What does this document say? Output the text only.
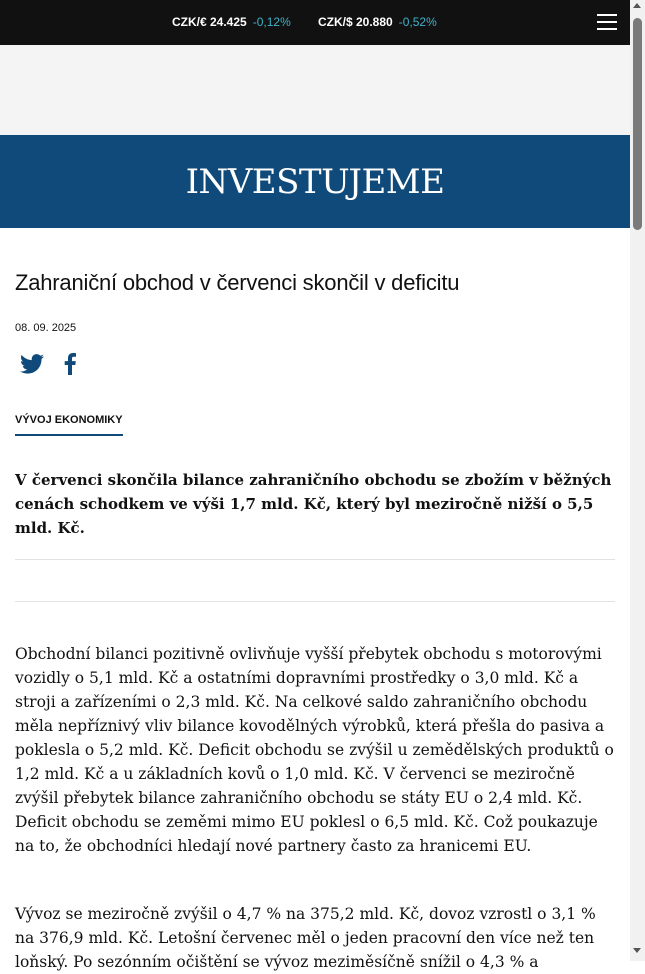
CZK/€ 24.425 -0,12% CZK/$ 20.880 -0,52%
INVESTUJEME
Zahraniční obchod v červenci skončil v deficitu
08. 09. 2025
VÝVOJ EKONOMIKY

V červenci skončila bilance zahraničního obchodu se zbožím v běžných cenách schodkem ve výši 1,7 mld. Kč, který byl meziročně nižší o 5,5 mld. Kč.

Obchodní bilanci pozitivně ovlivňuje vyšší přebytek obchodu s motorovými vozidly o 5,1 mld. Kč a ostatními dopravními prostředky o 3,0 mld. Kč a stroji a zařízeními o 2,3 mld. Kč. Na celkové saldo zahraničního obchodu měla nepříznivý vliv bilance kovodělných výrobků, která přešla do pasiva a poklesla o 5,2 mld. Kč. Deficit obchodu se zvýšil u zemědělských produktů o 1,2 mld. Kč a u základních kovů o 1,0 mld. Kč. V červenci se meziročně zvýšil přebytek bilance zahraničního obchodu se státy EU o 2,4 mld. Kč. Deficit obchodu se zeměmi mimo EU poklesl o 6,5 mld. Kč. Což poukazuje na to, že obchodníci hledají nové partnery často za hranicemi EU.

Vývoz se meziročně zvýšil o 4,7 % na 375,2 mld. Kč, dovoz vzrostl o 3,1 % na 376,9 mld. Kč. Letošní červenec měl o jeden pracovní den více než ten loňský. Po sezónním očištění se vývoz meziměsíčně snížil o 4,3 % a
